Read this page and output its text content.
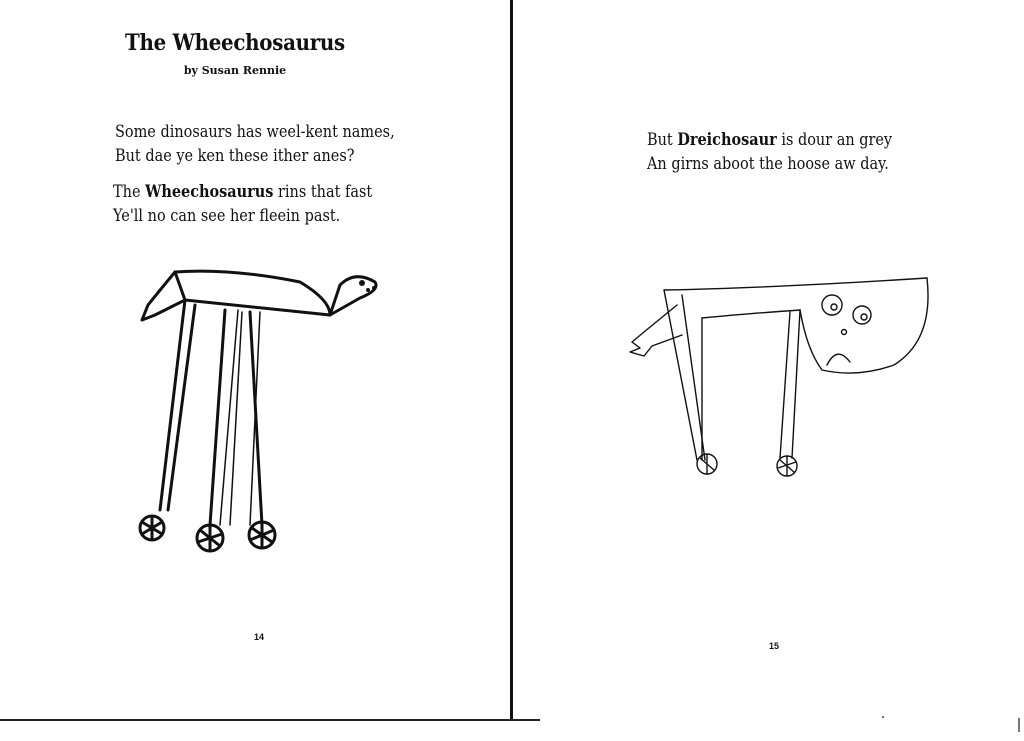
The Wheechosaurus
by Susan Rennie
Some dinosaurs has weel-kent names,
But dae ye ken these ither anes?
The Wheechosaurus rins that fast
Ye'll no can see her fleein past.
14
But Dreichosaur is dour an grey
An girns aboot the hoose aw day.
15
